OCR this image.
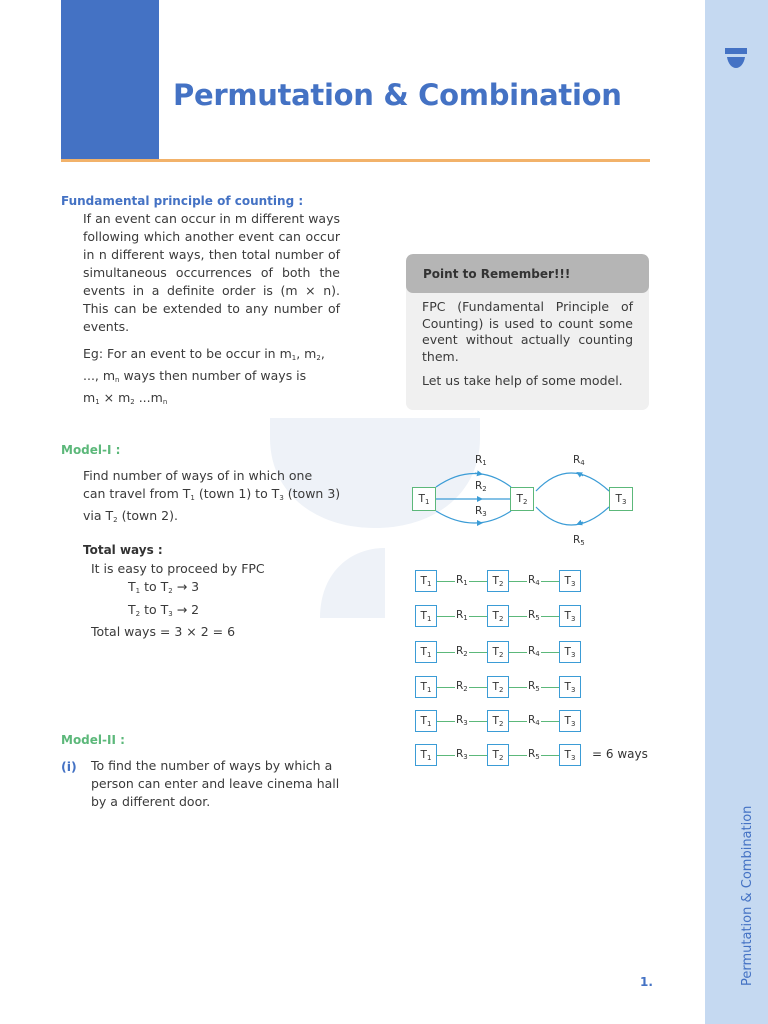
Permutation & Combination
Permutation & Combination
1.
Fundamental principle of counting :
If an event can occur in m different ways following which another event can occur in n different ways, then total number of simultaneous occurrences of both the events in a definite order is (m × n). This can be extended to any number of events.
Eg: For an event to be occur in $m_1$, $m_2$,
..., $m_n$ ways then number of ways is
$m_1 \times m_2$ $...m_n$
Point to Remember!!!
FPC (Fundamental Principle of Counting) is used to count some event without actually counting them.
Let us take help of some model.
Model-I :
Find number of ways of in which one
can travel from $T_1$ (town 1) to $T_3$ (town 3)
via $T_2$ (town 2).
Total ways :
It is easy to proceed by FPC
$T_1$ to $T_2 \to 3$
$T_2$ to $T_3 \to 2$
Total ways = 3 × 2 = 6
$T_1$	$T_2$	$T_3$
$R_1$
$R_2$
$R_3$
$R_4$
$R_5$
$T_1$	$R_1$	$T_2$	$R_4$	$T_3$
$T_1$	$R_1$	$T_2$	$R_5$	$T_3$
$T_1$	$R_2$	$T_2$	$R_4$	$T_3$
$T_1$	$R_2$	$T_2$	$R_5$	$T_3$
$T_1$	$R_3$	$T_2$	$R_4$	$T_3$
$T_1$	$R_3$	$T_2$	$R_5$	$T_3$	= 6 ways
Model-II :
(i) To find the number of ways by which a person can enter and leave cinema hall by a different door.
